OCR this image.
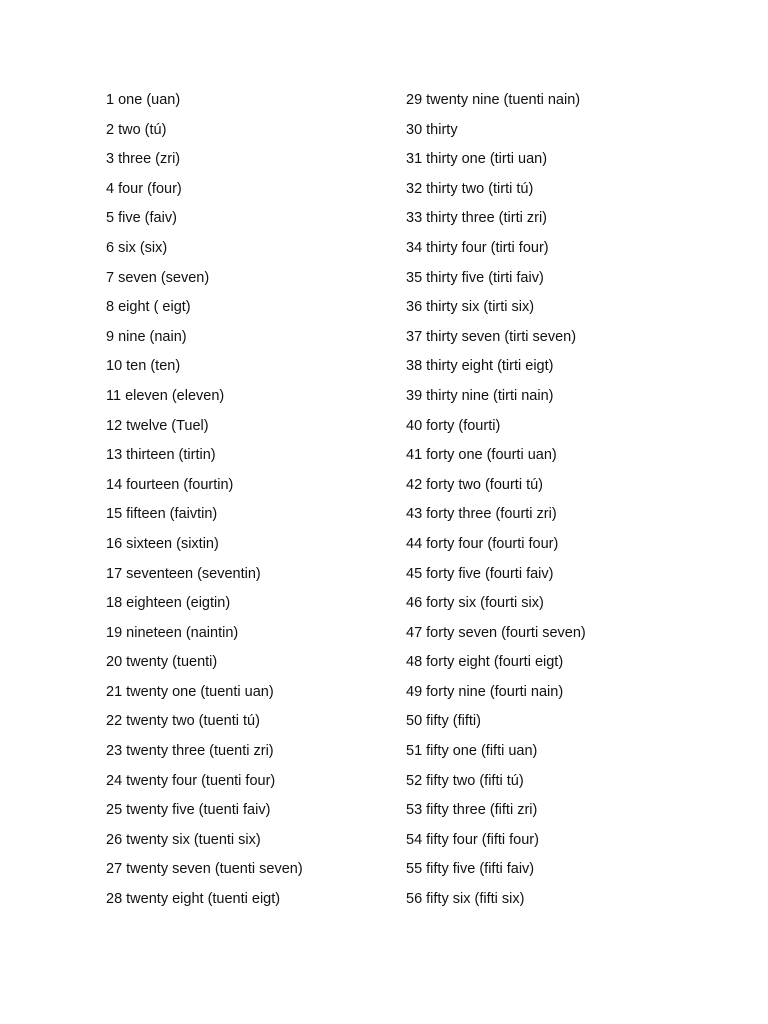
1 one (uan)
2 two (tú)
3 three (zri)
4 four (four)
5 five (faiv)
6 six (six)
7 seven (seven)
8 eight ( eigt)
9 nine (nain)
10 ten (ten)
11 eleven (eleven)
12 twelve (Tuel)
13 thirteen (tirtin)
14 fourteen (fourtin)
15 fifteen (faivtin)
16 sixteen (sixtin)
17 seventeen (seventin)
18 eighteen (eigtin)
19 nineteen (naintin)
20 twenty (tuenti)
21 twenty one (tuenti uan)
22 twenty two (tuenti tú)
23 twenty three (tuenti zri)
24 twenty four (tuenti four)
25 twenty five (tuenti faiv)
26 twenty six (tuenti six)
27 twenty seven (tuenti seven)
28 twenty eight (tuenti eigt)
29 twenty nine (tuenti nain)
30 thirty
31 thirty one (tirti uan)
32 thirty two (tirti tú)
33 thirty three (tirti zri)
34 thirty four (tirti four)
35 thirty five (tirti faiv)
36 thirty six (tirti six)
37 thirty seven (tirti seven)
38 thirty eight (tirti eigt)
39 thirty nine (tirti nain)
40 forty (fourti)
41 forty one (fourti uan)
42 forty two (fourti tú)
43 forty three (fourti zri)
44 forty four (fourti four)
45 forty five (fourti faiv)
46 forty six (fourti six)
47 forty seven (fourti seven)
48 forty eight (fourti eigt)
49 forty nine (fourti nain)
50 fifty (fifti)
51 fifty one (fifti uan)
52 fifty two (fifti tú)
53 fifty three (fifti zri)
54 fifty four (fifti four)
55 fifty five (fifti faiv)
56 fifty six (fifti six)
